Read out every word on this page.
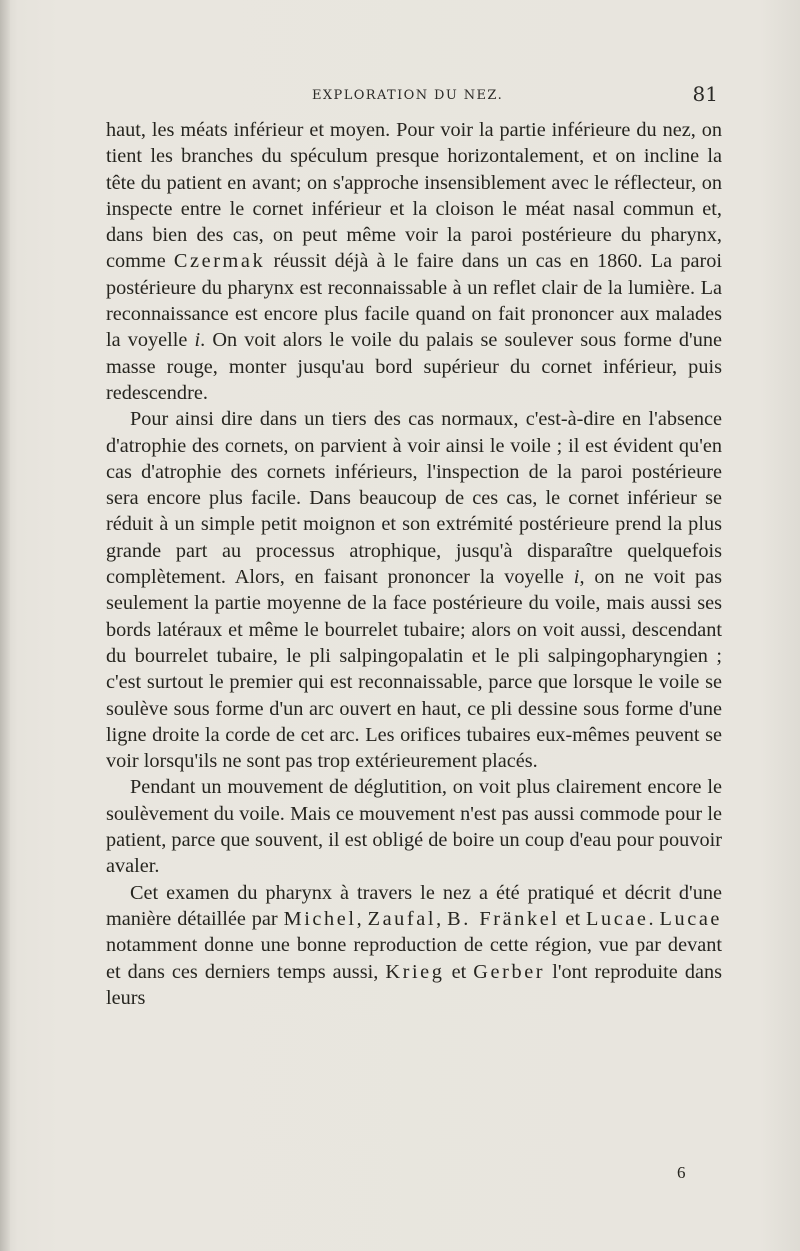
EXPLORATION DU NEZ.	81

haut, les méats inférieur et moyen. Pour voir la partie inférieure du nez, on tient les branches du spéculum presque horizontalement, et on incline la tête du patient en avant; on s'approche insensiblement avec le réflecteur, on inspecte entre le cornet inférieur et la cloison le méat nasal commun et, dans bien des cas, on peut même voir la paroi postérieure du pharynx, comme Czermak réussit déjà à le faire dans un cas en 1860. La paroi postérieure du pharynx est reconnaissable à un reflet clair de la lumière. La reconnaissance est encore plus facile quand on fait prononcer aux malades la voyelle i. On voit alors le voile du palais se soulever sous forme d'une masse rouge, monter jusqu'au bord supérieur du cornet inférieur, puis redescendre.

Pour ainsi dire dans un tiers des cas normaux, c'est-à-dire en l'absence d'atrophie des cornets, on parvient à voir ainsi le voile ; il est évident qu'en cas d'atrophie des cornets inférieurs, l'inspection de la paroi postérieure sera encore plus facile. Dans beaucoup de ces cas, le cornet inférieur se réduit à un simple petit moignon et son extrémité postérieure prend la plus grande part au processus atrophique, jusqu'à disparaître quelquefois complètement. Alors, en faisant prononcer la voyelle i, on ne voit pas seulement la partie moyenne de la face postérieure du voile, mais aussi ses bords latéraux et même le bourrelet tubaire; alors on voit aussi, descendant du bourrelet tubaire, le pli salpingopalatin et le pli salpingopharyngien ; c'est surtout le premier qui est reconnaissable, parce que lorsque le voile se soulève sous forme d'un arc ouvert en haut, ce pli dessine sous forme d'une ligne droite la corde de cet arc. Les orifices tubaires eux-mêmes peuvent se voir lorsqu'ils ne sont pas trop extérieurement placés.

Pendant un mouvement de déglutition, on voit plus clairement encore le soulèvement du voile. Mais ce mouvement n'est pas aussi commode pour le patient, parce que souvent, il est obligé de boire un coup d'eau pour pouvoir avaler.

Cet examen du pharynx à travers le nez a été pratiqué et décrit d'une manière détaillée par Michel, Zaufal, B. Fränkel et Lucae. Lucae notamment donne une bonne reproduction de cette région, vue par devant et dans ces derniers temps aussi, Krieg et Gerber l'ont reproduite dans leurs

6
